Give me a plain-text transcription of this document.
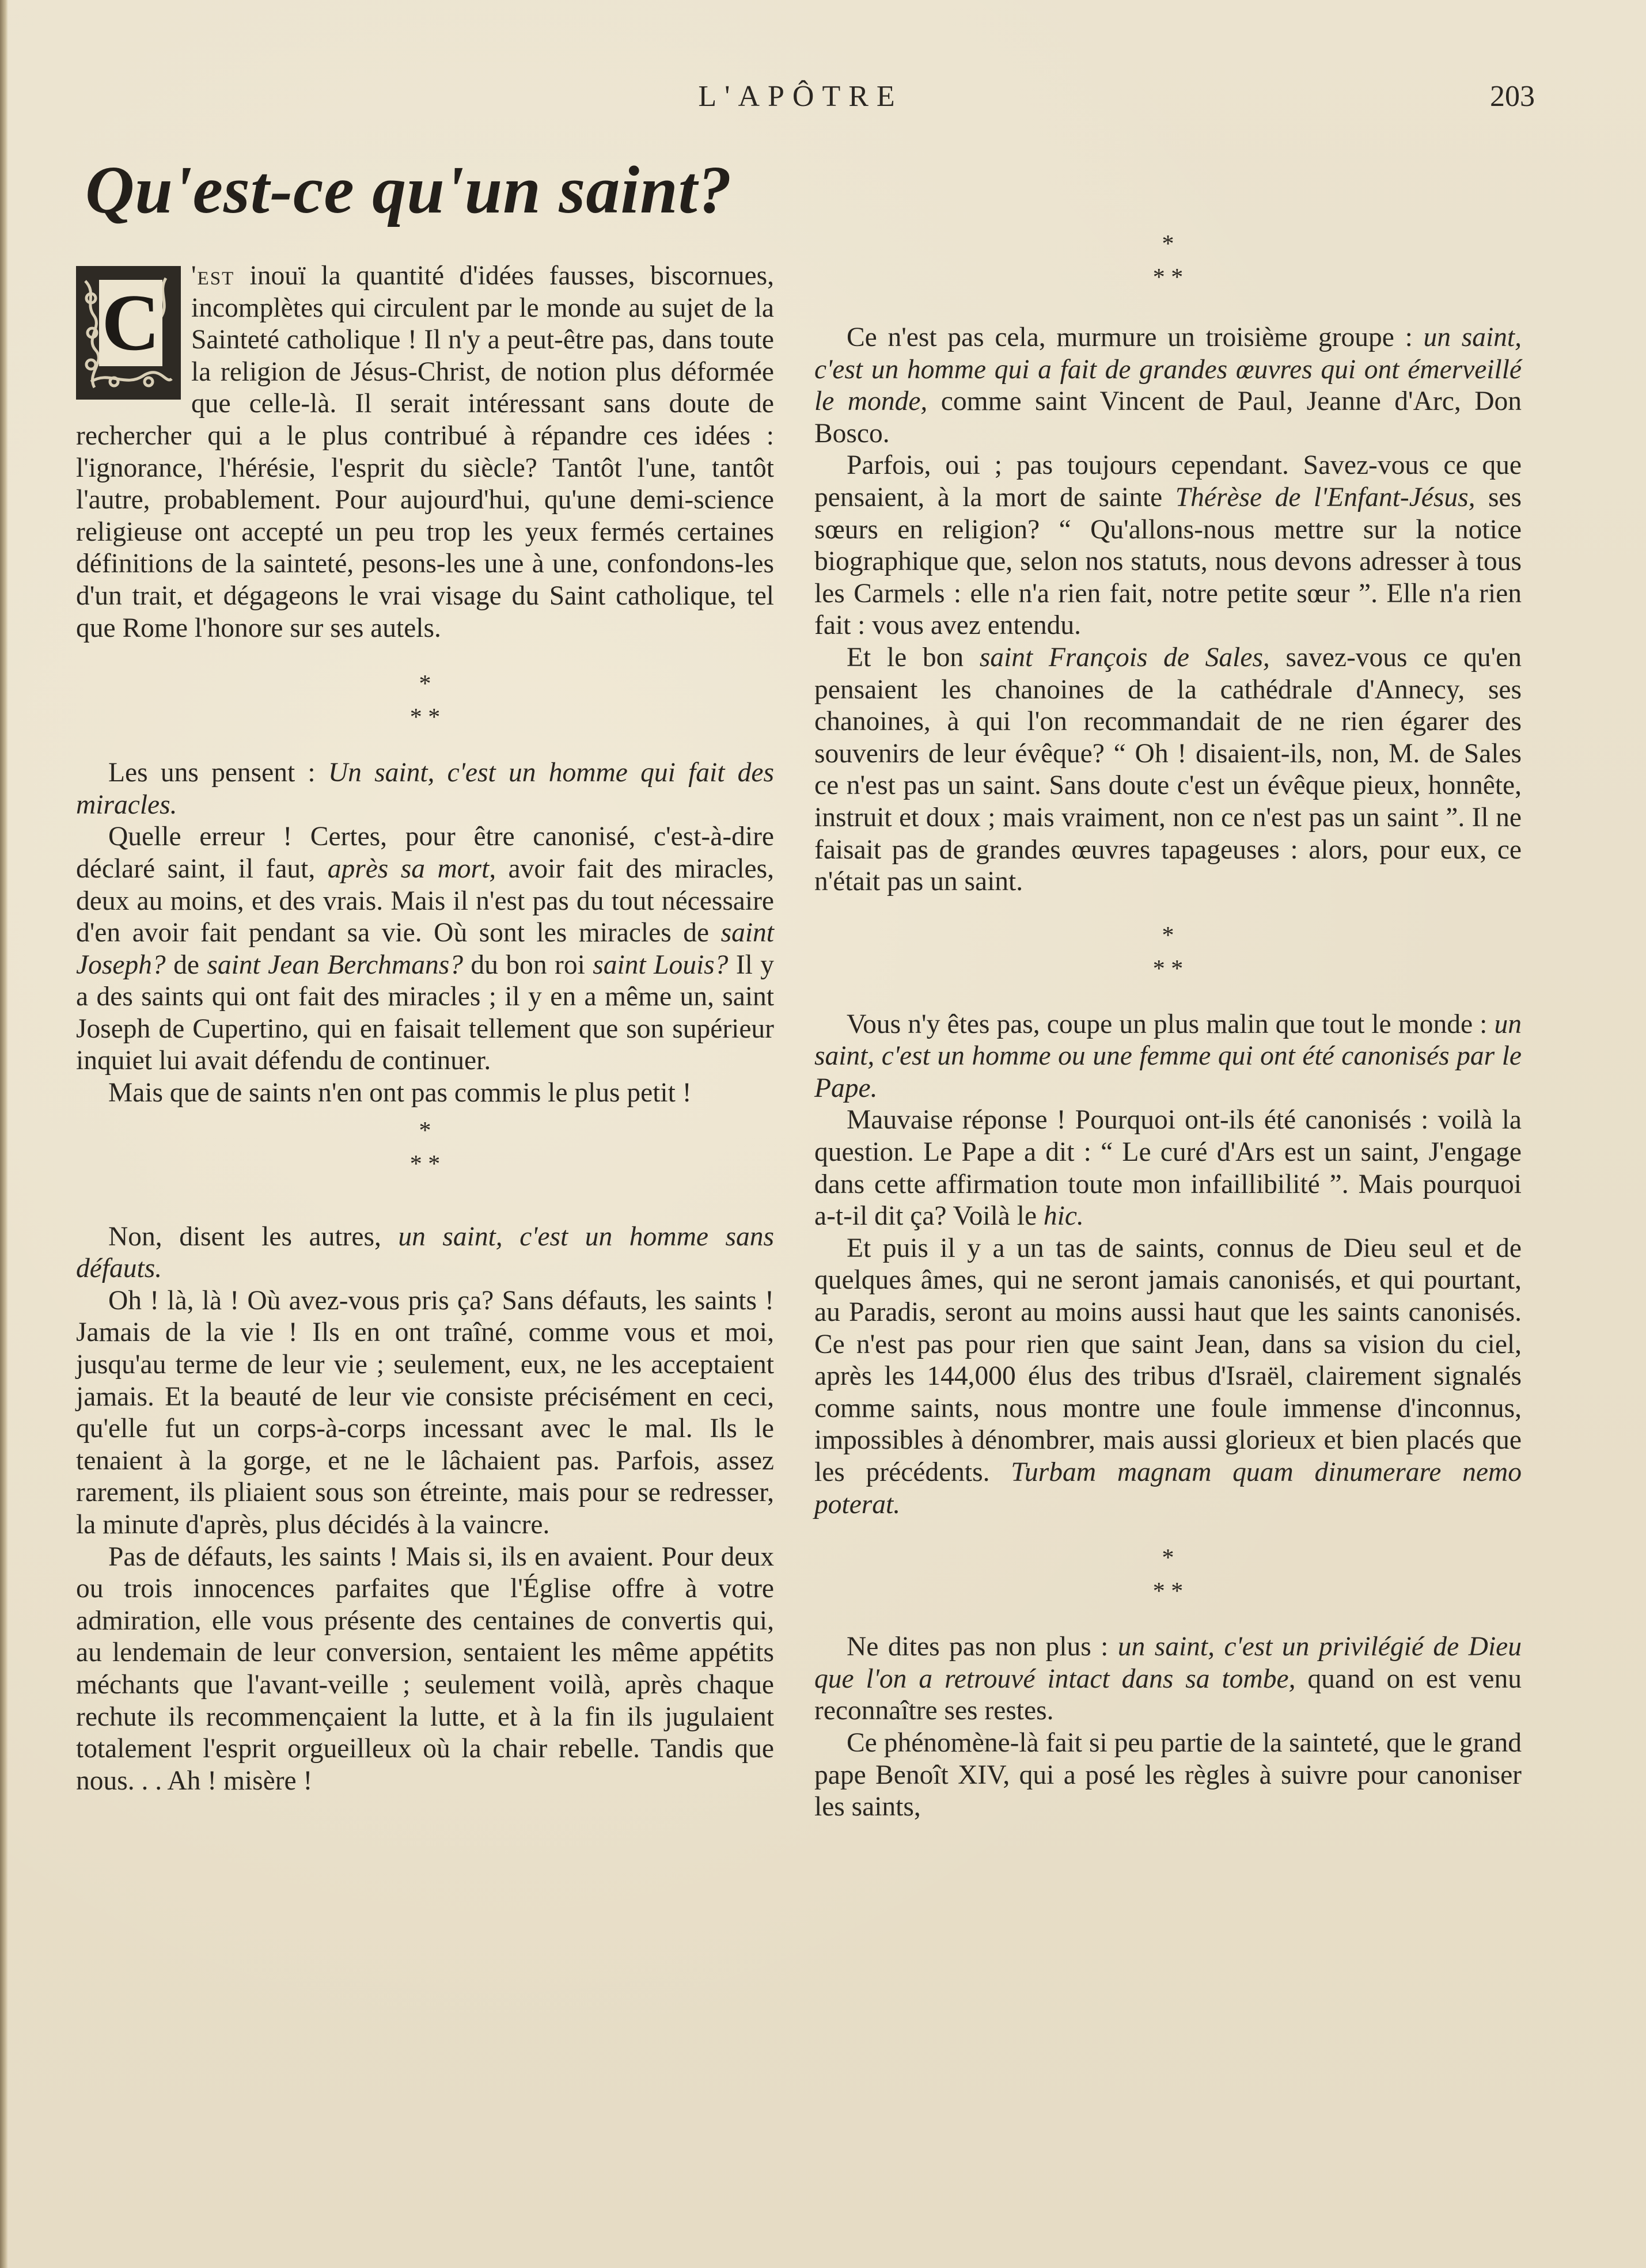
L'APÔTRE	203
Qu'est-ce qu'un saint?
C

'est inouï la quantité d'idées fausses, biscornues, incomplètes qui circulent par le monde au sujet de la Sainteté catholique ! Il n'y a peut-être pas, dans toute la religion de Jésus-Christ, de notion plus déformée que celle-là. Il serait intéressant sans doute de rechercher qui a le plus contribué à répandre ces idées : l'ignorance, l'hérésie, l'esprit du siècle? Tantôt l'une, tantôt l'autre, probablement. Pour aujourd'hui, qu'une demi-science religieuse ont accepté un peu trop les yeux fermés certaines définitions de la sainteté, pesons-les une à une, confondons-les d'un trait, et dégageons le vrai visage du Saint catholique, tel que Rome l'honore sur ses autels.

*
* *

Les uns pensent : Un saint, c'est un homme qui fait des miracles.

Quelle erreur ! Certes, pour être canonisé, c'est-à-dire déclaré saint, il faut, après sa mort, avoir fait des miracles, deux au moins, et des vrais. Mais il n'est pas du tout nécessaire d'en avoir fait pendant sa vie. Où sont les miracles de saint Joseph? de saint Jean Berchmans? du bon roi saint Louis? Il y a des saints qui ont fait des miracles ; il y en a même un, saint Joseph de Cupertino, qui en faisait tellement que son supérieur inquiet lui avait défendu de continuer.

Mais que de saints n'en ont pas commis le plus petit !

*
* *

Non, disent les autres, un saint, c'est un homme sans défauts.

Oh ! là, là ! Où avez-vous pris ça? Sans défauts, les saints ! Jamais de la vie ! Ils en ont traîné, comme vous et moi, jusqu'au terme de leur vie ; seulement, eux, ne les acceptaient jamais. Et la beauté de leur vie consiste précisément en ceci, qu'elle fut un corps-à-corps incessant avec le mal. Ils le tenaient à la gorge, et ne le lâchaient pas. Parfois, assez rarement, ils pliaient sous son étreinte, mais pour se redresser, la minute d'après, plus décidés à la vaincre.

Pas de défauts, les saints ! Mais si, ils en avaient. Pour deux ou trois innocences parfaites que l'Église offre à votre admiration, elle vous présente des centaines de convertis qui, au lendemain de leur conversion, sentaient les même appétits méchants que l'avant-veille ; seulement voilà, après chaque rechute ils recommençaient la lutte, et à la fin ils jugulaient totalement l'esprit orgueilleux où la chair rebelle. Tandis que nous. . . Ah ! misère !

*
* *

Ce n'est pas cela, murmure un troisième groupe : un saint, c'est un homme qui a fait de grandes œuvres qui ont émerveillé le monde, comme saint Vincent de Paul, Jeanne d'Arc, Don Bosco.

Parfois, oui ; pas toujours cependant. Savez-vous ce que pensaient, à la mort de sainte Thérèse de l'Enfant-Jésus, ses sœurs en religion? “ Qu'allons-nous mettre sur la notice biographique que, selon nos statuts, nous devons adresser à tous les Carmels : elle n'a rien fait, notre petite sœur ”. Elle n'a rien fait : vous avez entendu.

Et le bon saint François de Sales, savez-vous ce qu'en pensaient les chanoines de la cathédrale d'Annecy, ses chanoines, à qui l'on recommandait de ne rien égarer des souvenirs de leur évêque? “ Oh ! disaient-ils, non, M. de Sales ce n'est pas un saint. Sans doute c'est un évêque pieux, honnête, instruit et doux ; mais vraiment, non ce n'est pas un saint ”. Il ne faisait pas de grandes œuvres tapageuses : alors, pour eux, ce n'était pas un saint.

*
* *

Vous n'y êtes pas, coupe un plus malin que tout le monde : un saint, c'est un homme ou une femme qui ont été canonisés par le Pape.

Mauvaise réponse ! Pourquoi ont-ils été canonisés : voilà la question. Le Pape a dit : “ Le curé d'Ars est un saint, J'engage dans cette affirmation toute mon infaillibilité ”. Mais pourquoi a-t-il dit ça? Voilà le hic.

Et puis il y a un tas de saints, connus de Dieu seul et de quelques âmes, qui ne seront jamais canonisés, et qui pourtant, au Paradis, seront au moins aussi haut que les saints canonisés. Ce n'est pas pour rien que saint Jean, dans sa vision du ciel, après les 144,000 élus des tribus d'Israël, clairement signalés comme saints, nous montre une foule immense d'inconnus, impossibles à dénombrer, mais aussi glorieux et bien placés que les précédents. Turbam magnam quam dinumerare nemo poterat.

*
* *

Ne dites pas non plus : un saint, c'est un privilégié de Dieu que l'on a retrouvé intact dans sa tombe, quand on est venu reconnaître ses restes.

Ce phénomène-là fait si peu partie de la sainteté, que le grand pape Benoît XIV, qui a posé les règles à suivre pour canoniser les saints,
